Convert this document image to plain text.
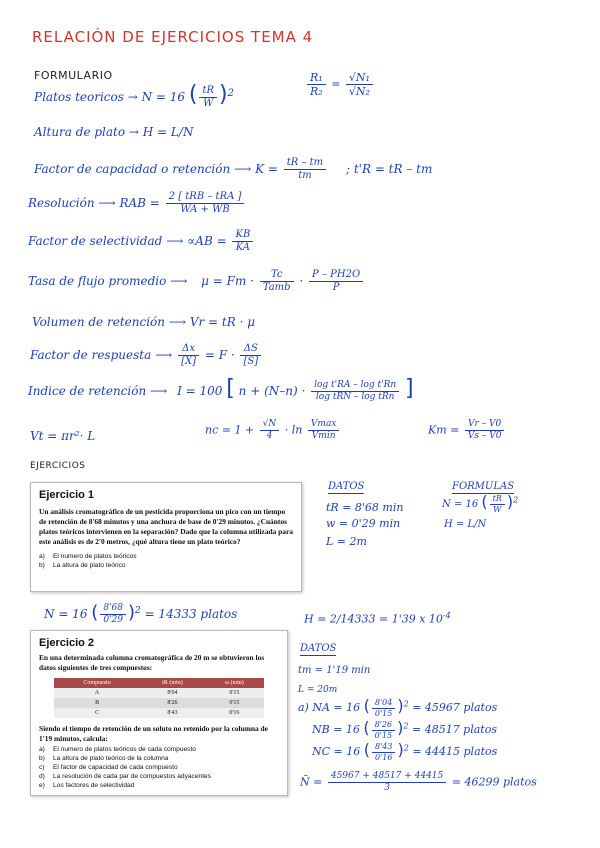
RELACIÓN DE EJERCICIOS TEMA 4
FORMULARIO
Platos teoricos → N = 16 ( $\frac{tR}{W} )^2$	$\frac{\text{R₁}}{\text{R₂}} = \frac{\text{√N₁}}{\text{√N₂}}$
Altura de plato → H = L/N
Factor de capacidad o retención ⟶ $K = \frac{tR - tm}{tm}$ ; t'R = tR – tm
Resolución ⟶ RAB = $\frac{\text{2 [ tRB – tRA ]}}{WA + WB}$
Factor de selectividad ⟶ $\propto AB = \frac{KB}{KA}$
Tasa de flujo promedio ⟶ $\mu = Fm \cdot \frac{Tc}{\text{Tamb}} \cdot \frac{P - PH2O}{P}$
Volumen de retención ⟶ Vr = tR · μ
Factor de respuesta ⟶ $\frac{\Delta x}{[X]} = F \cdot \frac{\Delta S}{[S]}$
Indice de retención ⟶ I = 100 [ $n + (N-n) \cdot \frac{\text{log t'RA – log t'Rn}}{\text{log tRN – log tRn}}$ ]
Vt = πr²· L	nc = $1 + \frac{√N}{4} \cdot \ln \frac{Vmax}{Vmin}$	$Km = \frac{Vr - V0}{Vs - V0}$
EJERCICIOS
Ejercicio 1
Un análisis cromatográfico de un pesticida proporciona un pico con un tiempo de retención de 8'68 minutos y una anchura de base de 0'29 minutos. ¿Cuántos platos teóricos intervienen en la separación? Dado que la columna utilizada para este análisis es de 2'0 metros, ¿qué altura tiene un plato teórico?
a) El numero de platos teóricos
b) La altura de plato teórico
DATOS
tR = 8'68 min
w = 0'29 min
L = 2m
FORMULAS
N = 16 ( $\frac{tR}{W} )^2$
H = L/N
N = 16 ( $\frac{8'68}{0'29} )^2 = 14333$ platos	H = 2/14333 = 1'39 x $10^{-4}$
Ejercicio 2
En una determinada columna cromatográfica de 20 m se obtuvieron los datos siguientes de tres compuestos:
Compuesto	tR (min)	ω (min)
A	8'04	0'15
B	8'26	0'15
C	8'43	0'16
Siendo el tiempo de retención de un soluto no retenido por la columna de 1'19 minutos, calcula:
a) El numero de platos teóricos de cada compuesto
b) La altura de plato teórico de la columna
c) El factor de capacidad de cada compuesto
d) La resolución de cada par de compuestos adyacentes
e) Los factores de selectividad
DATOS
tm = 1'19 min
L = 20m
a) NA = 16 ( $\frac{8'04}{0'15} )^2 = 45967$ platos
NB = 16 ( $\frac{8'26}{0'15} )^2 = 48517$ platos
NC = 16 ( $\frac{8'43}{0'16} )^2 = 44415$ platos
N̄ = $\frac{45967 + 48517 + 44415}{3} = 46299$ platos
